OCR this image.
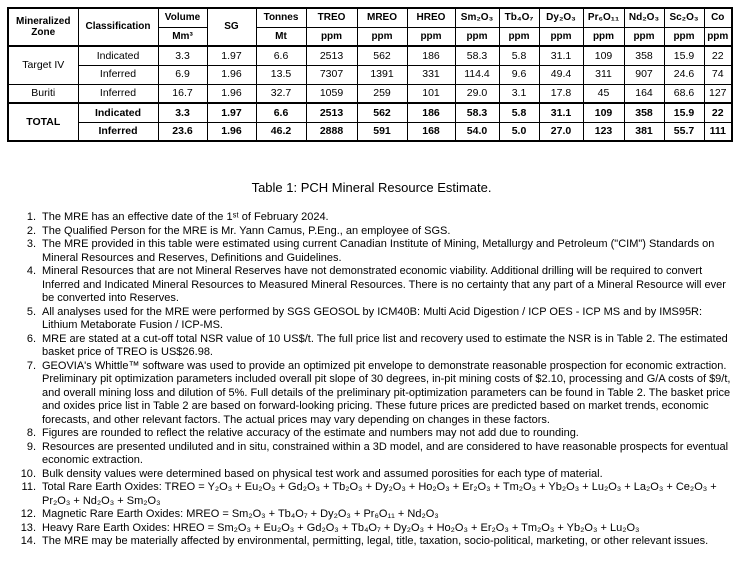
Mineralized Zone	Classification	Volume	SG	Tonnes	TREO	MREO	HREO	Sm₂O₃	Tb₄O₇	Dy₂O₃	Pr₆O₁₁	Nd₂O₃	Sc₂O₃	Co
		Mm³		Mt	ppm	ppm	ppm	ppm	ppm	ppm	ppm	ppm	ppm	ppm
Target IV	Indicated	3.3	1.97	6.6	2513	562	186	58.3	5.8	31.1	109	358	15.9	22
	Inferred	6.9	1.96	13.5	7307	1391	331	114.4	9.6	49.4	311	907	24.6	74
Buriti	Inferred	16.7	1.96	32.7	1059	259	101	29.0	3.1	17.8	45	164	68.6	127
TOTAL	Indicated	3.3	1.97	6.6	2513	562	186	58.3	5.8	31.1	109	358	15.9	22
	Inferred	23.6	1.96	46.2	2888	591	168	54.0	5.0	27.0	123	381	55.7	111
Table 1: PCH Mineral Resource Estimate.
The MRE has an effective date of the 1ˢᵗ of February 2024.
The Qualified Person for the MRE is Mr. Yann Camus, P.Eng., an employee of SGS.
The MRE provided in this table were estimated using current Canadian Institute of Mining, Metallurgy and Petroleum ("CIM") Standards on Mineral Resources and Reserves, Definitions and Guidelines.
Mineral Resources that are not Mineral Reserves have not demonstrated economic viability. Additional drilling will be required to convert Inferred and Indicated Mineral Resources to Measured Mineral Resources. There is no certainty that any part of a Mineral Resource will ever be converted into Reserves.
All analyses used for the MRE were performed by SGS GEOSOL by ICM40B: Multi Acid Digestion / ICP OES - ICP MS and by IMS95R: Lithium Metaborate Fusion / ICP-MS.
MRE are stated at a cut-off total NSR value of 10 US$/t. The full price list and recovery used to estimate the NSR is in Table 2. The estimated basket price of TREO is US$26.98.
GEOVIA's Whittle™ software was used to provide an optimized pit envelope to demonstrate reasonable prospection for economic extraction. Preliminary pit optimization parameters included overall pit slope of 30 degrees, in-pit mining costs of $2.10, processing and G/A costs of $9/t, and overall mining loss and dilution of 5%. Full details of the preliminary pit-optimization parameters can be found in Table 2. The basket price and oxides price list in Table 2 are based on forward-looking pricing. These future prices are predicted based on market trends, economic forecasts, and other relevant factors. The actual prices may vary depending on changes in these factors.
Figures are rounded to reflect the relative accuracy of the estimate and numbers may not add due to rounding.
Resources are presented undiluted and in situ, constrained within a 3D model, and are considered to have reasonable prospects for eventual economic extraction.
Bulk density values were determined based on physical test work and assumed porosities for each type of material.
Total Rare Earth Oxides: TREO = Y₂O₃ + Eu₂O₃ + Gd₂O₃ + Tb₂O₃ + Dy₂O₃ + Ho₂O₃ + Er₂O₃ + Tm₂O₃ + Yb₂O₃ + Lu₂O₃ + La₂O₃ + Ce₂O₃ + Pr₂O₃ + Nd₂O₃ + Sm₂O₃
Magnetic Rare Earth Oxides: MREO = Sm₂O₃ + Tb₄O₇ + Dy₂O₃ + Pr₆O₁₁ + Nd₂O₃
Heavy Rare Earth Oxides: HREO = Sm₂O₃ + Eu₂O₃ + Gd₂O₃ + Tb₄O₇ + Dy₂O₃ + Ho₂O₃ + Er₂O₃ + Tm₂O₃ + Yb₂O₃ + Lu₂O₃
The MRE may be materially affected by environmental, permitting, legal, title, taxation, socio-political, marketing, or other relevant issues.
